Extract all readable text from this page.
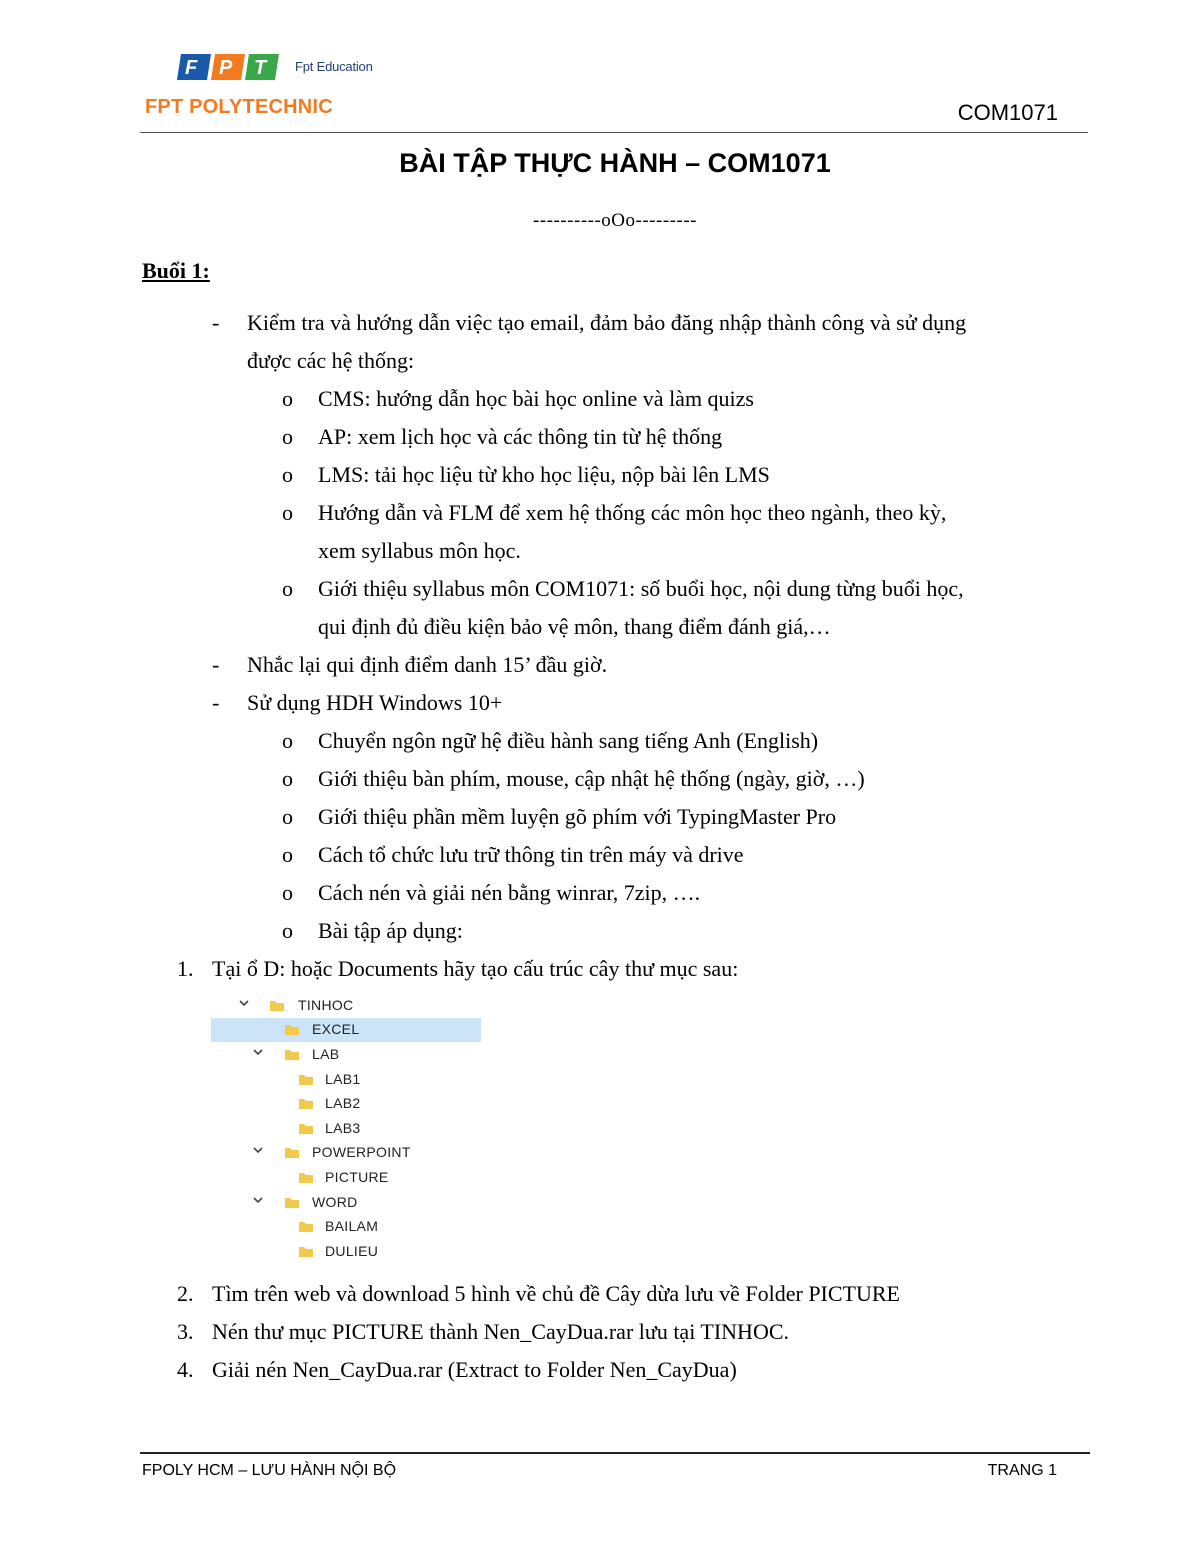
F P T Fpt Education
FPT POLYTECHNIC	COM1071
BÀI TẬP THỰC HÀNH – COM1071
----------oOo---------
Buổi 1:
- Kiểm tra và hướng dẫn việc tạo email, đảm bảo đăng nhập thành công và sử dụng
được các hệ thống:
o CMS: hướng dẫn học bài học online và làm quizs
o AP: xem lịch học và các thông tin từ hệ thống
o LMS: tải học liệu từ kho học liệu, nộp bài lên LMS
o Hướng dẫn và FLM để xem hệ thống các môn học theo ngành, theo kỳ,
xem syllabus môn học.
o Giới thiệu syllabus môn COM1071: số buổi học, nội dung từng buổi học,
qui định đủ điều kiện bảo vệ môn, thang điểm đánh giá,…
- Nhắc lại qui định điểm danh 15’ đầu giờ.
- Sử dụng HDH Windows 10+
o Chuyển ngôn ngữ hệ điều hành sang tiếng Anh (English)
o Giới thiệu bàn phím, mouse, cập nhật hệ thống (ngày, giờ, …)
o Giới thiệu phần mềm luyện gõ phím với TypingMaster Pro
o Cách tổ chức lưu trữ thông tin trên máy và drive
o Cách nén và giải nén bằng winrar, 7zip, ….
o Bài tập áp dụng:
1. Tại ổ D: hoặc Documents hãy tạo cấu trúc cây thư mục sau:
TINHOC
EXCEL
LAB
LAB1
LAB2
LAB3
POWERPOINT
PICTURE
WORD
BAILAM
DULIEU
2. Tìm trên web và download 5 hình về chủ đề Cây dừa lưu về Folder PICTURE
3. Nén thư mục PICTURE thành Nen_CayDua.rar lưu tại TINHOC.
4. Giải nén Nen_CayDua.rar (Extract to Folder Nen_CayDua)
FPOLY HCM – LƯU HÀNH NỘI BỘ	TRANG 1
